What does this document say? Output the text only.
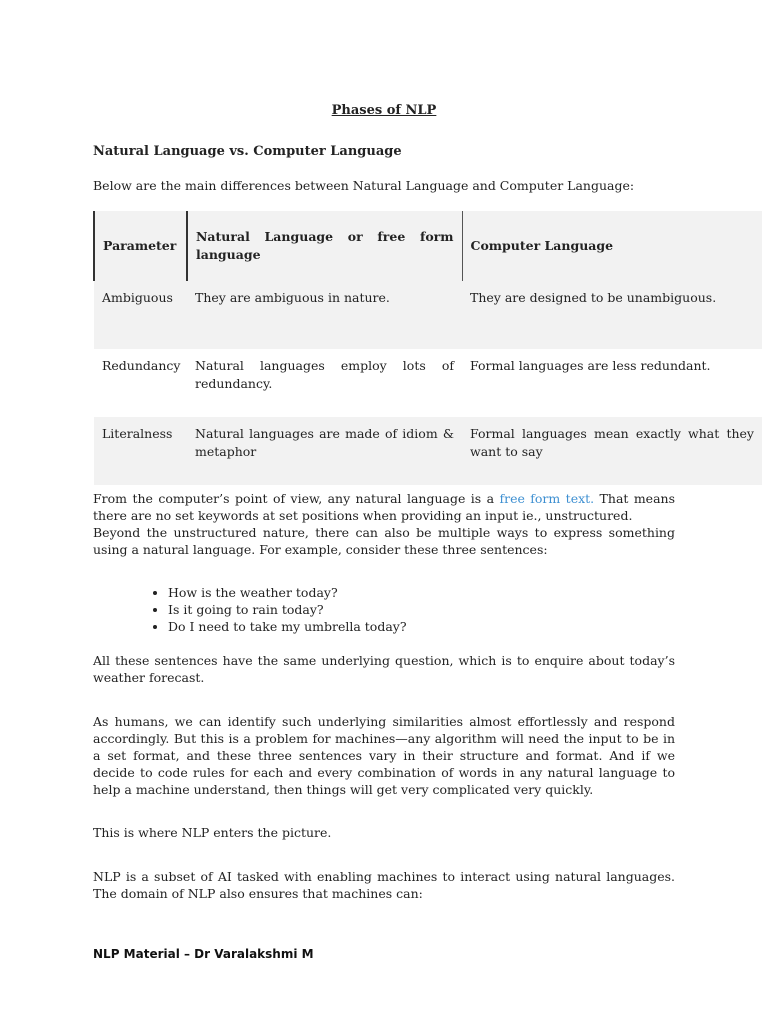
Phases of NLP
Natural Language vs. Computer Language
Below are the main differences between Natural Language and Computer Language:
Parameter	Natural Language or free form language	Computer Language
Ambiguous	They are ambiguous in nature.	They are designed to be unambiguous.
Redundancy	Natural languages employ lots of redundancy.	Formal languages are less redundant.
Literalness	Natural languages are made of idiom & metaphor	Formal languages mean exactly what they want to say

From the computer’s point of view, any natural language is a free form text. That means there are no set keywords at set positions when providing an input ie., unstructured.
Beyond the unstructured nature, there can also be multiple ways to express something using a natural language. For example, consider these three sentences:

• How is the weather today?
• Is it going to rain today?
• Do I need to take my umbrella today?

All these sentences have the same underlying question, which is to enquire about today’s weather forecast.

As humans, we can identify such underlying similarities almost effortlessly and respond accordingly. But this is a problem for machines—any algorithm will need the input to be in a set format, and these three sentences vary in their structure and format. And if we decide to code rules for each and every combination of words in any natural language to help a machine understand, then things will get very complicated very quickly.

This is where NLP enters the picture.

NLP is a subset of AI tasked with enabling machines to interact using natural languages. The domain of NLP also ensures that machines can:

NLP Material – Dr Varalakshmi M
